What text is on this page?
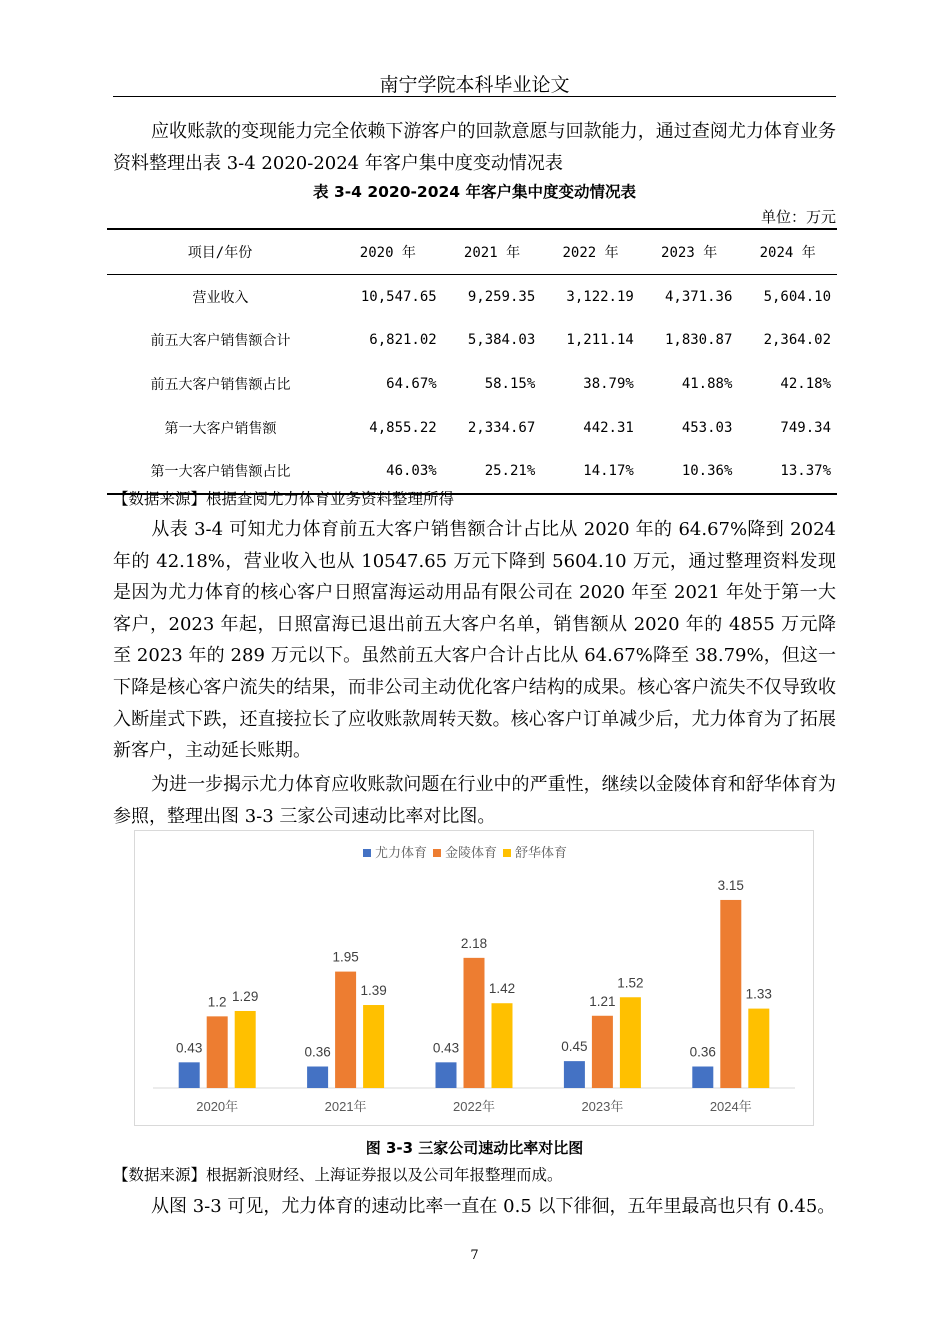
南宁学院本科毕业论文
应收账款的变现能力完全依赖下游客户的回款意愿与回款能力，通过查阅尤力体育业务资料整理出表 3-4 2020-2024 年客户集中度变动情况表
表 3-4 2020-2024 年客户集中度变动情况表
单位：万元
项目/年份	2020 年	2021 年	2022 年	2023 年	2024 年
营业收入	10,547.65	9,259.35	3,122.19	4,371.36	5,604.10
前五大客户销售额合计	6,821.02	5,384.03	1,211.14	1,830.87	2,364.02
前五大客户销售额占比	64.67%	58.15%	38.79%	41.88%	42.18%
第一大客户销售额	4,855.22	2,334.67	442.31	453.03	749.34
第一大客户销售额占比	46.03%	25.21%	14.17%	10.36%	13.37%
【数据来源】根据查阅尤力体育业务资料整理所得
从表 3-4 可知尤力体育前五大客户销售额合计占比从 2020 年的 64.67%降到 2024 年的 42.18%，营业收入也从 10547.65 万元下降到 5604.10 万元，通过整理资料发现是因为尤力体育的核心客户日照富海运动用品有限公司在 2020 年至 2021 年处于第一大客户，2023 年起，日照富海已退出前五大客户名单，销售额从 2020 年的 4855 万元降至 2023 年的 289 万元以下。虽然前五大客户合计占比从 64.67%降至 38.79%，但这一下降是核心客户流失的结果，而非公司主动优化客户结构的成果。核心客户流失不仅导致收入断崖式下跌，还直接拉长了应收账款周转天数。核心客户订单减少后，尤力体育为了拓展新客户，主动延长账期。
为进一步揭示尤力体育应收账款问题在行业中的严重性，继续以金陵体育和舒华体育为参照，整理出图 3-3 三家公司速动比率对比图。
尤力体育 金陵体育 舒华体育
0.43
1.2 1.29
2020年
0.36
1.95
1.39
2021年
0.43
2.18
1.42
2022年
0.45
1.21
1.52
2023年
0.36
3.15
1.33
2024年
图 3-3 三家公司速动比率对比图
【数据来源】根据新浪财经、上海证券报以及公司年报整理而成。
从图 3-3 可见，尤力体育的速动比率一直在 0.5 以下徘徊，五年里最高也只有 0.45。
7
